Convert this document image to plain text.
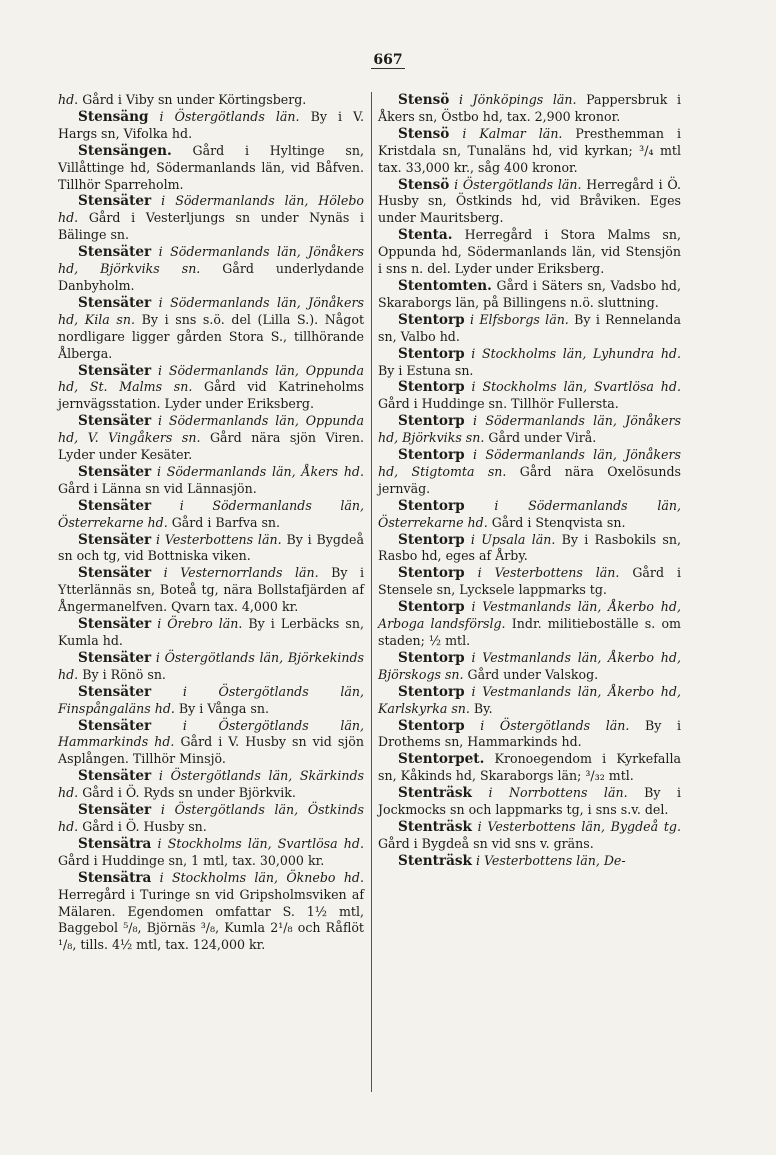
667

hd. Gård i Viby sn under Körtingsberg.

Stensäng i Östergötlands län. By i V. Hargs sn, Vifolka hd.

Stensängen. Gård i Hyltinge sn, Villåttinge hd, Södermanlands län, vid Båfven. Tillhör Sparreholm.

Stensäter i Södermanlands län, Hölebo hd. Gård i Vesterljungs sn under Nynäs i Bälinge sn.

Stensäter i Södermanlands län, Jönåkers hd, Björkviks sn. Gård underlydande Danbyholm.

Stensäter i Södermanlands län, Jönåkers hd, Kila sn. By i sns s.ö. del (Lilla S.). Något nordligare ligger gården Stora S., tillhörande Ålberga.

Stensäter i Södermanlands län, Oppunda hd, St. Malms sn. Gård vid Katrineholms jernvägsstation. Lyder under Eriksberg.

Stensäter i Södermanlands län, Oppunda hd, V. Vingåkers sn. Gård nära sjön Viren. Lyder under Kesäter.

Stensäter i Södermanlands län, Åkers hd. Gård i Länna sn vid Lännasjön.

Stensäter i Södermanlands län, Österrekarne hd. Gård i Barfva sn.

Stensäter i Vesterbottens län. By i Bygdeå sn och tg, vid Bottniska viken.

Stensäter i Vesternorrlands län. By i Ytterlännäs sn, Boteå tg, nära Bollstafjärden af Ångermanelfven. Qvarn tax. 4,000 kr.

Stensäter i Örebro län. By i Lerbäcks sn, Kumla hd.

Stensäter i Östergötlands län, Björkekinds hd. By i Rönö sn.

Stensäter i Östergötlands län, Finspångaläns hd. By i Vånga sn.

Stensäter i Östergötlands län, Hammarkinds hd. Gård i V. Husby sn vid sjön Asplången. Tillhör Minsjö.

Stensäter i Östergötlands län, Skärkinds hd. Gård i Ö. Ryds sn under Björkvik.

Stensäter i Östergötlands län, Östkinds hd. Gård i Ö. Husby sn.

Stensätra i Stockholms län, Svartlösa hd. Gård i Huddinge sn, 1 mtl, tax. 30,000 kr.

Stensätra i Stockholms län, Öknebo hd. Herregård i Turinge sn vid Gripsholmsviken af Mälaren. Egendomen omfattar S. 1½ mtl, Baggebol ⁵/₈, Björnäs ³/₈, Kumla 2¹/₈ och Råflöt ¹/₈, tills. 4½ mtl, tax. 124,000 kr.

Stensö i Jönköpings län. Pappersbruk i Åkers sn, Östbo hd, tax. 2,900 kronor.

Stensö i Kalmar län. Presthemman i Kristdala sn, Tunaläns hd, vid kyrkan; ³/₄ mtl tax. 33,000 kr., såg 400 kronor.

Stensö i Östergötlands län. Herregård i Ö. Husby sn, Östkinds hd, vid Bråviken. Eges under Mauritsberg.

Stenta. Herregård i Stora Malms sn, Oppunda hd, Södermanlands län, vid Stensjön i sns n. del. Lyder under Eriksberg.

Stentomten. Gård i Säters sn, Vadsbo hd, Skaraborgs län, på Billingens n.ö. sluttning.

Stentorp i Elfsborgs län. By i Rennelanda sn, Valbo hd.

Stentorp i Stockholms län, Lyhundra hd. By i Estuna sn.

Stentorp i Stockholms län, Svartlösa hd. Gård i Huddinge sn. Tillhör Fullersta.

Stentorp i Södermanlands län, Jönåkers hd, Björkviks sn. Gård under Virå.

Stentorp i Södermanlands län, Jönåkers hd, Stigtomta sn. Gård nära Oxelösunds jernväg.

Stentorp i Södermanlands län, Österrekarne hd. Gård i Stenqvista sn.

Stentorp i Upsala län. By i Rasbokils sn, Rasbo hd, eges af Årby.

Stentorp i Vesterbottens län. Gård i Stensele sn, Lycksele lappmarks tg.

Stentorp i Vestmanlands län, Åkerbo hd, Arboga landsförslg. Indr. militieboställe s. om staden; ½ mtl.

Stentorp i Vestmanlands län, Åkerbo hd, Björskogs sn. Gård under Valskog.

Stentorp i Vestmanlands län, Åkerbo hd, Karlskyrka sn. By.

Stentorp i Östergötlands län. By i Drothems sn, Hammarkinds hd.

Stentorpet. Kronoegendom i Kyrkefalla sn, Kåkinds hd, Skaraborgs län; ³/₃₂ mtl.

Stenträsk i Norrbottens län. By i Jockmocks sn och lappmarks tg, i sns s.v. del.

Stenträsk i Vesterbottens län, Bygdeå tg. Gård i Bygdeå sn vid sns v. gräns.

Stenträsk i Vesterbottens län, De-
